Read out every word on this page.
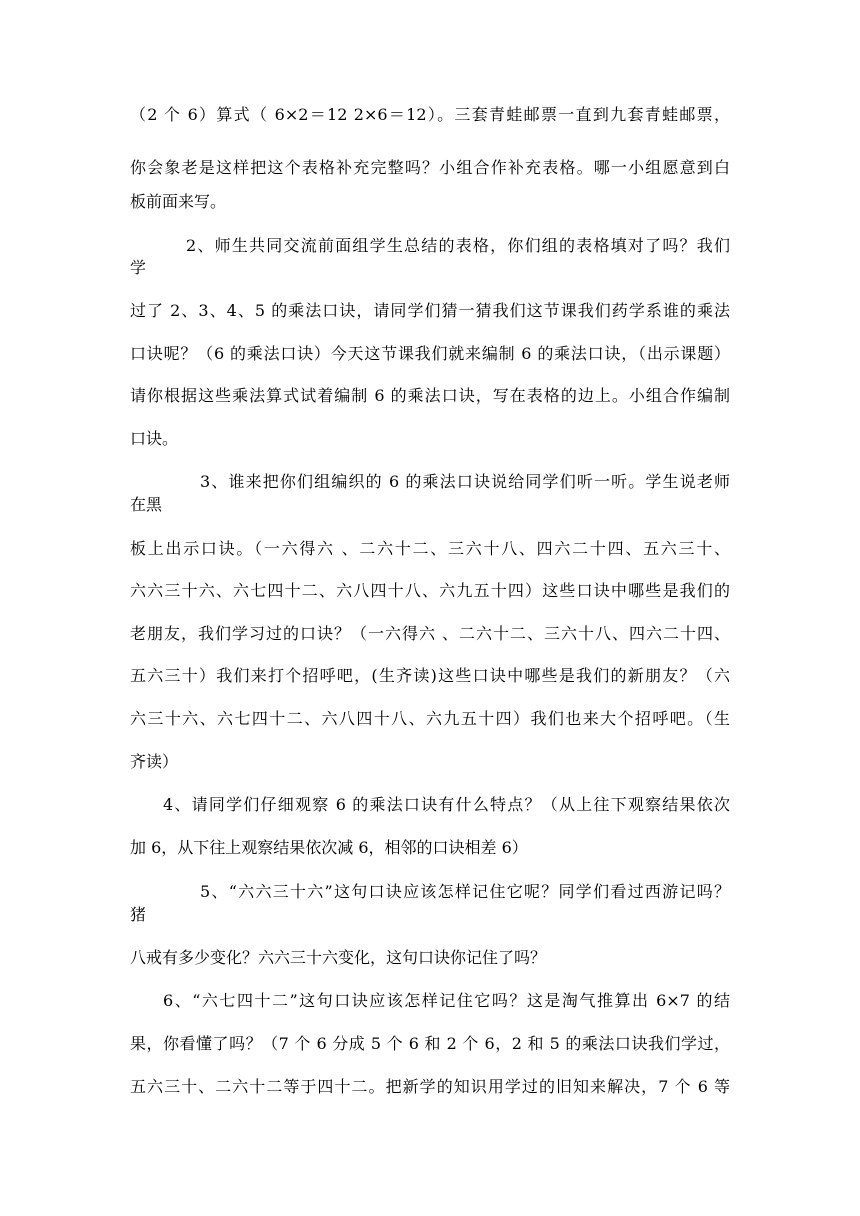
（2 个 6）算式（ 6×2＝12 2×6＝12）。三套青蛙邮票一直到九套青蛙邮票，
你会象老是这样把这个表格补充完整吗？小组合作补充表格。哪一小组愿意到白
板前面来写。
2、师生共同交流前面组学生总结的表格，你们组的表格填对了吗？我们
学
过了 2、3、4、5 的乘法口诀，请同学们猜一猜我们这节课我们药学系谁的乘法
口诀呢？（6 的乘法口诀）今天这节课我们就来编制 6 的乘法口诀，（出示课题）
请你根据这些乘法算式试着编制 6 的乘法口诀，写在表格的边上。小组合作编制
口诀。
3、谁来把你们组编织的 6 的乘法口诀说给同学们听一听。学生说老师
在黑
板上出示口诀。（一六得六 、二六十二、三六十八、四六二十四、五六三十、
六六三十六、六七四十二、六八四十八、六九五十四）这些口诀中哪些是我们的
老朋友，我们学习过的口诀？（一六得六 、二六十二、三六十八、四六二十四、
五六三十）我们来打个招呼吧，(生齐读)这些口诀中哪些是我们的新朋友？（六
六三十六、六七四十二、六八四十八、六九五十四）我们也来大个招呼吧。（生
齐读）
4、请同学们仔细观察 6 的乘法口诀有什么特点？（从上往下观察结果依次
加 6，从下往上观察结果依次减 6，相邻的口诀相差 6）
5、“六六三十六”这句口诀应该怎样记住它呢？同学们看过西游记吗？
猪
八戒有多少变化？六六三十六变化，这句口诀你记住了吗？
6、“六七四十二”这句口诀应该怎样记住它吗？这是淘气推算出 6×7 的结
果，你看懂了吗？（7 个 6 分成 5 个 6 和 2 个 6，2 和 5 的乘法口诀我们学过，
五六三十、二六十二等于四十二。把新学的知识用学过的旧知来解决，7 个 6 等
